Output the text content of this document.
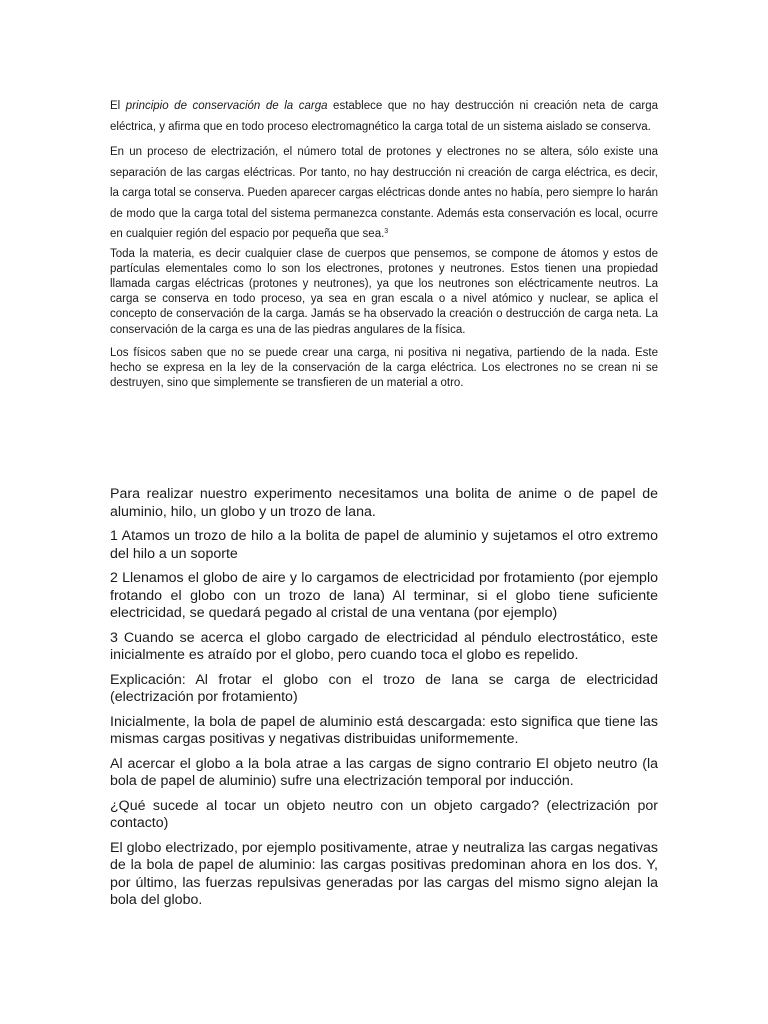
El principio de conservación de la carga establece que no hay destrucción ni creación neta de carga eléctrica, y afirma que en todo proceso electromagnético la carga total de un sistema aislado se conserva.

En un proceso de electrización, el número total de protones y electrones no se altera, sólo existe una separación de las cargas eléctricas. Por tanto, no hay destrucción ni creación de carga eléctrica, es decir, la carga total se conserva. Pueden aparecer cargas eléctricas donde antes no había, pero siempre lo harán de modo que la carga total del sistema permanezca constante. Además esta conservación es local, ocurre en cualquier región del espacio por pequeña que sea.$^3$

Toda la materia, es decir cualquier clase de cuerpos que pensemos, se compone de átomos y estos de partículas elementales como lo son los electrones, protones y neutrones. Estos tienen una propiedad llamada cargas eléctricas (protones y neutrones), ya que los neutrones son eléctricamente neutros. La carga se conserva en todo proceso, ya sea en gran escala o a nivel atómico y nuclear, se aplica el concepto de conservación de la carga. Jamás se ha observado la creación o destrucción de carga neta. La conservación de la carga es una de las piedras angulares de la física.

Los físicos saben que no se puede crear una carga, ni positiva ni negativa, partiendo de la nada. Este hecho se expresa en la ley de la conservación de la carga eléctrica. Los electrones no se crean ni se destruyen, sino que simplemente se transfieren de un material a otro.

Para realizar nuestro experimento necesitamos una bolita de anime o de papel de aluminio, hilo, un globo y un trozo de lana.

1 Atamos un trozo de hilo a la bolita de papel de aluminio y sujetamos el otro extremo del hilo a un soporte

2 Llenamos el globo de aire y lo cargamos de electricidad por frotamiento (por ejemplo frotando el globo con un trozo de lana) Al terminar, si el globo tiene suficiente electricidad, se quedará pegado al cristal de una ventana (por ejemplo)

3 Cuando se acerca el globo cargado de electricidad al péndulo electrostático, este inicialmente es atraído por el globo, pero cuando toca el globo es repelido.

Explicación: Al frotar el globo con el trozo de lana se carga de electricidad (electrización por frotamiento)

Inicialmente, la bola de papel de aluminio está descargada: esto significa que tiene las mismas cargas positivas y negativas distribuidas uniformemente.

Al acercar el globo a la bola atrae a las cargas de signo contrario El objeto neutro (la bola de papel de aluminio) sufre una electrización temporal por inducción.

¿Qué sucede al tocar un objeto neutro con un objeto cargado? (electrización por contacto)

El globo electrizado, por ejemplo positivamente, atrae y neutraliza las cargas negativas de la bola de papel de aluminio: las cargas positivas predominan ahora en los dos. Y, por último, las fuerzas repulsivas generadas por las cargas del mismo signo alejan la bola del globo.
